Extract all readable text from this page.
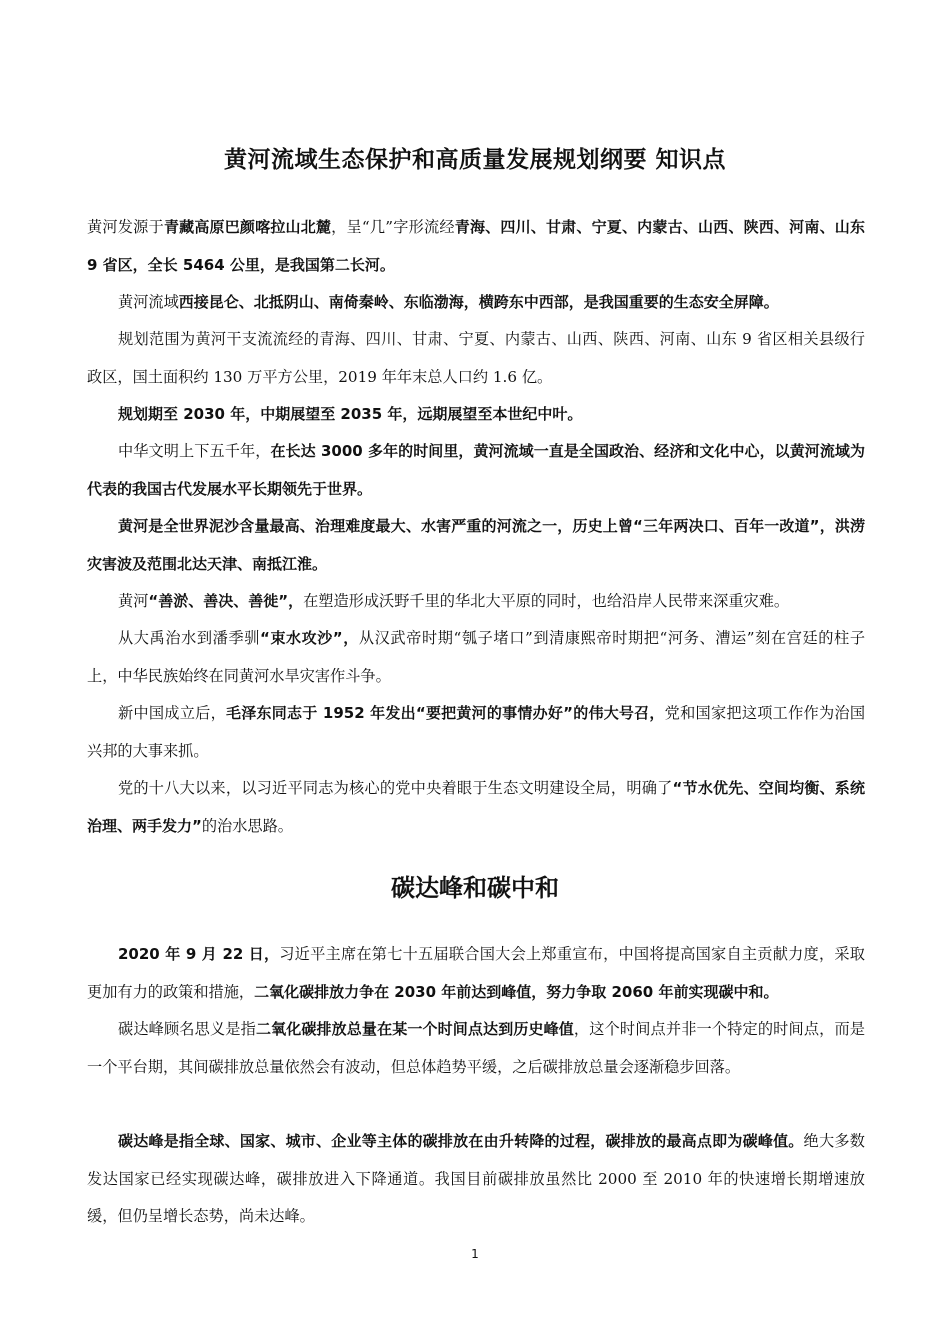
黄河流域生态保护和高质量发展规划纲要 知识点

黄河发源于青藏高原巴颜喀拉山北麓，呈“几”字形流经青海、四川、甘肃、宁夏、内蒙古、山西、陕西、河南、山东 9 省区，全长 5464 公里，是我国第二长河。

黄河流域西接昆仑、北抵阴山、南倚秦岭、东临渤海，横跨东中西部，是我国重要的生态安全屏障。

规划范围为黄河干支流流经的青海、四川、甘肃、宁夏、内蒙古、山西、陕西、河南、山东 9 省区相关县级行政区，国土面积约 130 万平方公里，2019 年年末总人口约 1.6 亿。

规划期至 2030 年，中期展望至 2035 年，远期展望至本世纪中叶。

中华文明上下五千年，在长达 3000 多年的时间里，黄河流域一直是全国政治、经济和文化中心，以黄河流域为代表的我国古代发展水平长期领先于世界。

黄河是全世界泥沙含量最高、治理难度最大、水害严重的河流之一，历史上曾“三年两决口、百年一改道”，洪涝灾害波及范围北达天津、南抵江淮。

黄河“善淤、善决、善徙”，在塑造形成沃野千里的华北大平原的同时，也给沿岸人民带来深重灾难。

从大禹治水到潘季驯“束水攻沙”，从汉武帝时期“瓠子堵口”到清康熙帝时期把“河务、漕运”刻在宫廷的柱子上，中华民族始终在同黄河水旱灾害作斗争。

新中国成立后，毛泽东同志于 1952 年发出“要把黄河的事情办好”的伟大号召，党和国家把这项工作作为治国兴邦的大事来抓。

党的十八大以来，以习近平同志为核心的党中央着眼于生态文明建设全局，明确了“节水优先、空间均衡、系统治理、两手发力”的治水思路。

碳达峰和碳中和

2020 年 9 月 22 日，习近平主席在第七十五届联合国大会上郑重宣布，中国将提高国家自主贡献力度，采取更加有力的政策和措施，二氧化碳排放力争在 2030 年前达到峰值，努力争取 2060 年前实现碳中和。

碳达峰顾名思义是指二氧化碳排放总量在某一个时间点达到历史峰值，这个时间点并非一个特定的时间点，而是一个平台期，其间碳排放总量依然会有波动，但总体趋势平缓，之后碳排放总量会逐渐稳步回落。

碳达峰是指全球、国家、城市、企业等主体的碳排放在由升转降的过程，碳排放的最高点即为碳峰值。绝大多数发达国家已经实现碳达峰，碳排放进入下降通道。我国目前碳排放虽然比 2000 至 2010 年的快速增长期增速放缓，但仍呈增长态势，尚未达峰。

1
